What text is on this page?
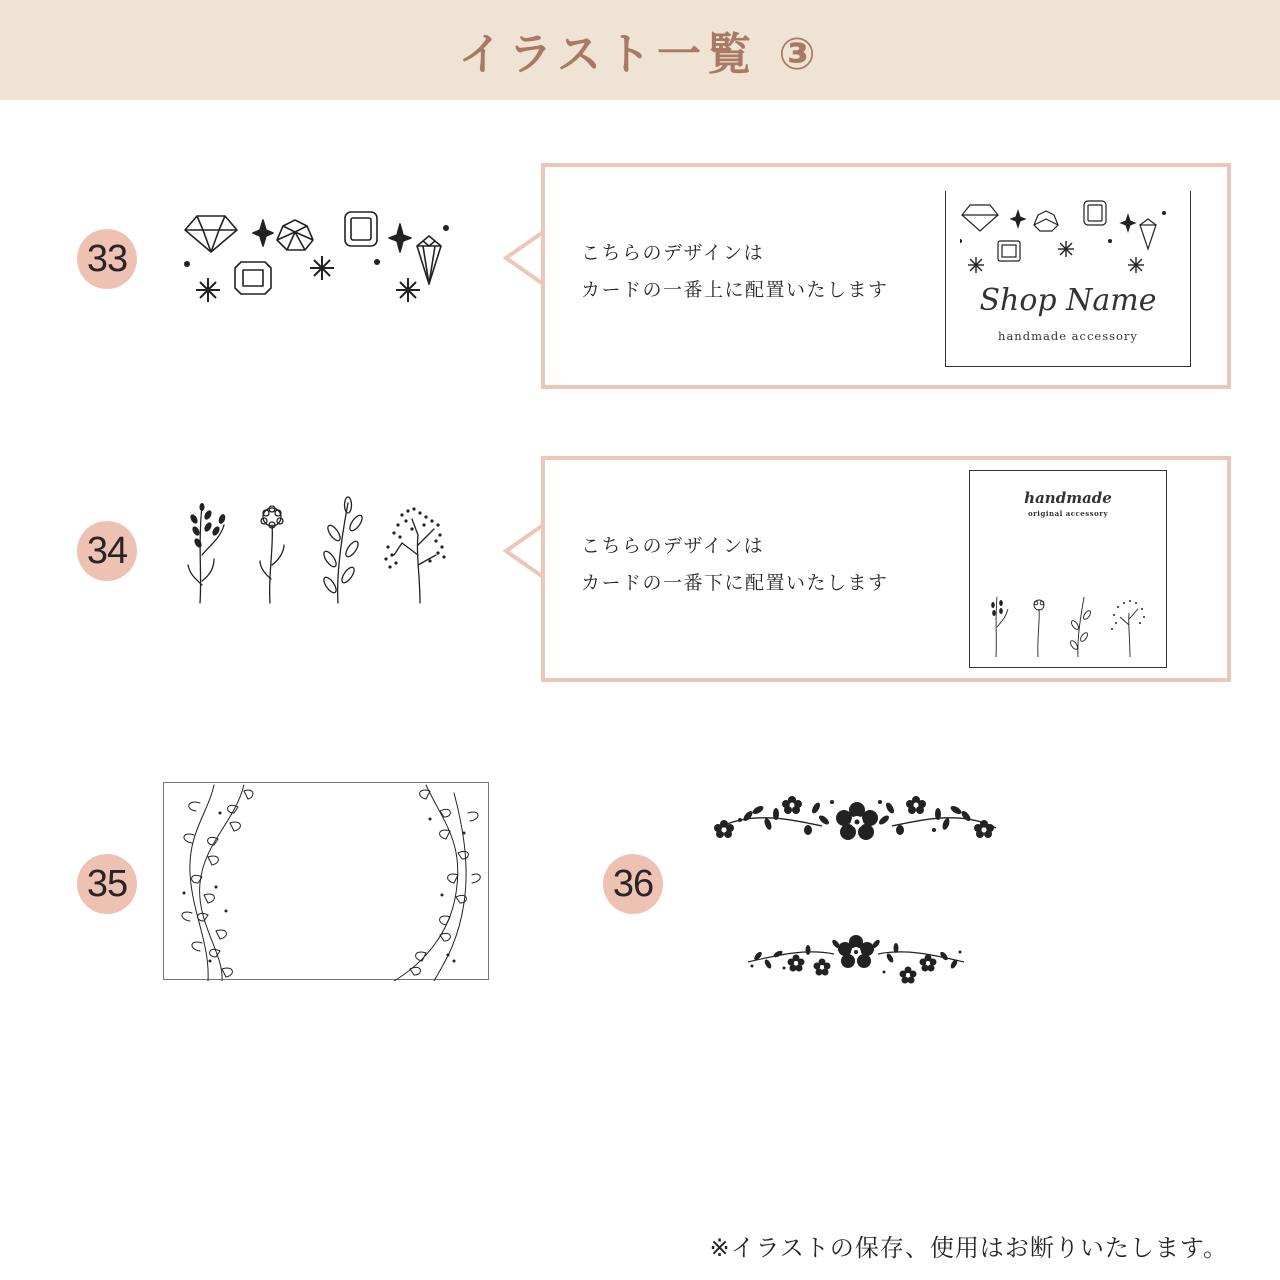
イラスト一覧 ③
33	こちらのデザインは
カードの一番上に配置いたします	Shop Name
handmade accessory
34	こちらのデザインは
カードの一番下に配置いたします
handmade
original accessory
35	36
※イラストの保存、使用はお断りいたします。
